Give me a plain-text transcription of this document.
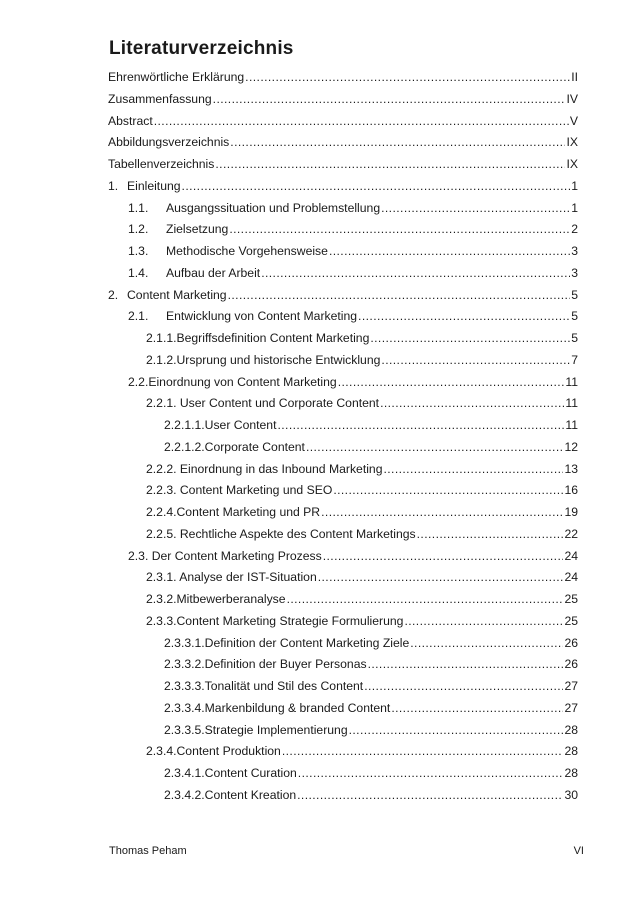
Literaturverzeichnis
Ehrenwörtliche Erklärung .....	II
Zusammenfassung .....	IV
Abstract .....	V
Abbildungsverzeichnis .....	IX
Tabellenverzeichnis .....	IX
1. Einleitung .....	1
1.1.	Ausgangssituation und Problemstellung .....	1
1.2.	Zielsetzung .....	2
1.3.	Methodische Vorgehensweise .....	3
1.4.	Aufbau der Arbeit .....	3
2. Content Marketing .....	5
2.1.	Entwicklung von Content Marketing .....	5
2.1.1.Begriffsdefinition Content Marketing .....	5
2.1.2.Ursprung und historische Entwicklung .....	7
2.2.Einordnung von Content Marketing .....	11
2.2.1. User Content und Corporate Content .....	11
2.2.1.1.User Content .....	11
2.2.1.2.Corporate Content .....	12
2.2.2. Einordnung in das Inbound Marketing .....	13
2.2.3. Content Marketing und SEO .....	16
2.2.4.Content Marketing und PR .....	19
2.2.5. Rechtliche Aspekte des Content Marketings .....	22
2.3. Der Content Marketing Prozess .....	24
2.3.1. Analyse der IST-Situation .....	24
2.3.2.Mitbewerberanalyse .....	25
2.3.3.Content Marketing Strategie Formulierung .....	25
2.3.3.1.Definition der Content Marketing Ziele .....	26
2.3.3.2.Definition der Buyer Personas .....	26
2.3.3.3.Tonalität und Stil des Content .....	27
2.3.3.4.Markenbildung & branded Content .....	27
2.3.3.5.Strategie Implementierung .....	28
2.3.4.Content Produktion .....	28
2.3.4.1.Content Curation .....	28
2.3.4.2.Content Kreation .....	30
Thomas Peham	VI
